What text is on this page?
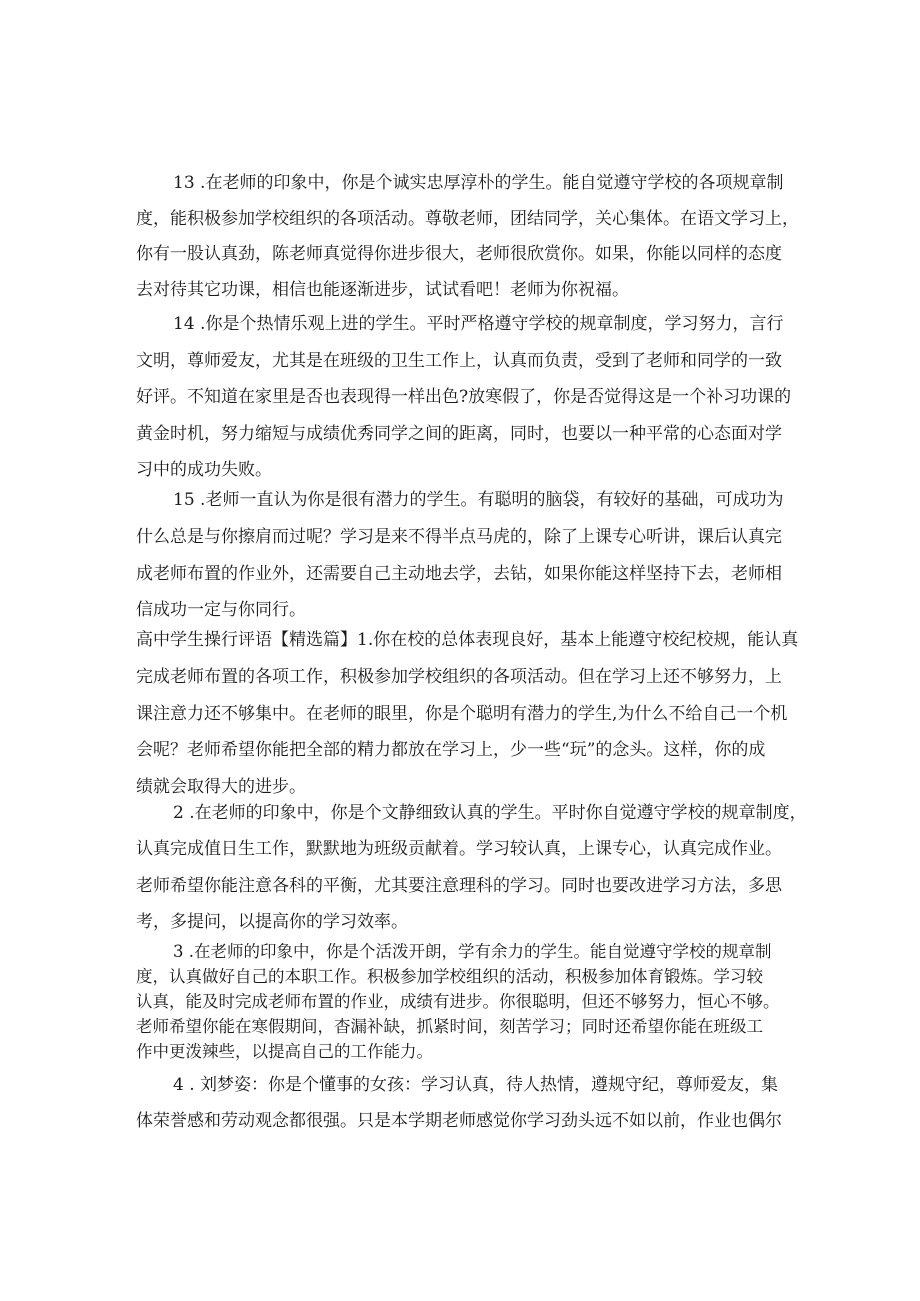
13 .在老师的印象中，你是个诚实忠厚淳朴的学生。能自觉遵守学校的各项规章制
度，能积极参加学校组织的各项活动。尊敬老师，团结同学，关心集体。在语文学习上，
你有一股认真劲，陈老师真觉得你进步很大，老师很欣赏你。如果，你能以同样的态度
去对待其它功课，相信也能逐渐进步，试试看吧！老师为你祝福。
14 .你是个热情乐观上进的学生。平时严格遵守学校的规章制度，学习努力，言行
文明，尊师爱友，尤其是在班级的卫生工作上，认真而负责，受到了老师和同学的一致
好评。不知道在家里是否也表现得一样出色?放寒假了，你是否觉得这是一个补习功课的
黄金时机，努力缩短与成绩优秀同学之间的距离，同时，也要以一种平常的心态面对学
习中的成功失败。
15 .老师一直认为你是很有潜力的学生。有聪明的脑袋，有较好的基础，可成功为
什么总是与你擦肩而过呢？学习是来不得半点马虎的，除了上课专心听讲，课后认真完
成老师布置的作业外，还需要自己主动地去学，去钻，如果你能这样坚持下去，老师相
信成功一定与你同行。
高中学生操行评语【精选篇】1.你在校的总体表现良好，基本上能遵守校纪校规，能认真
完成老师布置的各项工作，积极参加学校组织的各项活动。但在学习上还不够努力，上
课注意力还不够集中。在老师的眼里，你是个聪明有潜力的学生,为什么不给自己一个机
会呢？老师希望你能把全部的精力都放在学习上，少一些“玩”的念头。这样，你的成
绩就会取得大的进步。
2 .在老师的印象中，你是个文静细致认真的学生。平时你自觉遵守学校的规章制度，
认真完成值日生工作，默默地为班级贡献着。学习较认真，上课专心，认真完成作业。
老师希望你能注意各科的平衡，尤其要注意理科的学习。同时也要改进学习方法，多思
考，多提问，以提高你的学习效率。
3 .在老师的印象中，你是个活泼开朗，学有余力的学生。能自觉遵守学校的规章制
度，认真做好自己的本职工作。积极参加学校组织的活动，积极参加体育锻炼。学习较
认真，能及时完成老师布置的作业，成绩有进步。你很聪明，但还不够努力，恒心不够。
老师希望你能在寒假期间，杳漏补缺，抓紧时间，刻苦学习；同时还希望你能在班级工
作中更泼辣些，以提高自己的工作能力。
4 . 刘梦姿：你是个懂事的女孩：学习认真，待人热情，遵规守纪，尊师爱友，集
体荣誉感和劳动观念都很强。只是本学期老师感觉你学习劲头远不如以前，作业也偶尔
